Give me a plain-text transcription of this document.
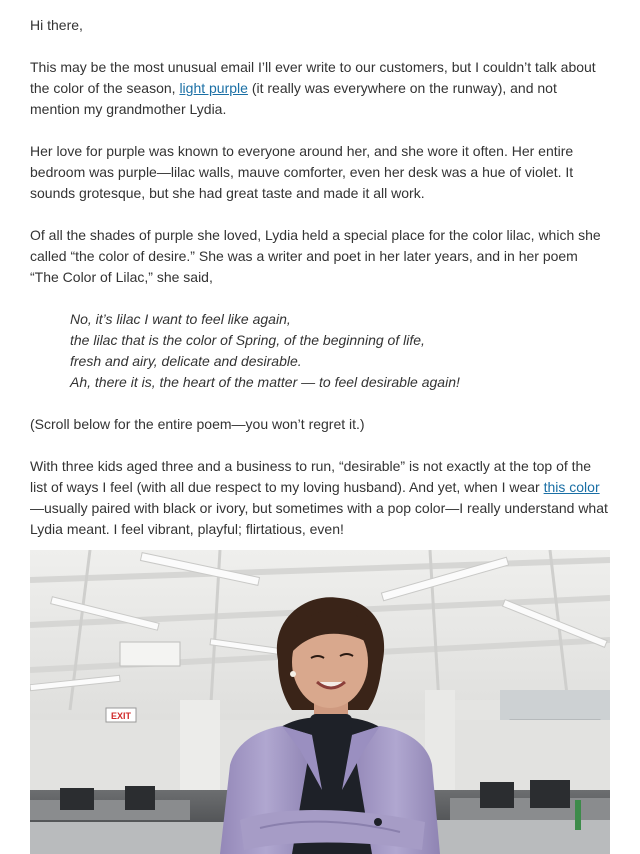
Hi there,

This may be the most unusual email I’ll ever write to our customers, but I couldn’t talk about the color of the season, light purple (it really was everywhere on the runway), and not mention my grandmother Lydia.

Her love for purple was known to everyone around her, and she wore it often. Her entire bedroom was purple—lilac walls, mauve comforter, even her desk was a hue of violet. It sounds grotesque, but she had great taste and made it all work.

Of all the shades of purple she loved, Lydia held a special place for the color lilac, which she called “the color of desire.” She was a writer and poet in her later years, and in her poem “The Color of Lilac,” she said,

No, it’s lilac I want to feel like again,
the lilac that is the color of Spring, of the beginning of life,
fresh and airy, delicate and desirable.
Ah, there it is, the heart of the matter — to feel desirable again!

(Scroll below for the entire poem—you won’t regret it.)

With three kids aged three and a business to run, “desirable” is not exactly at the top of the list of ways I feel (with all due respect to my loving husband). And yet, when I wear this color—usually paired with black or ivory, but sometimes with a pop color—I really understand what Lydia meant. I feel vibrant, playful; flirtatious, even!

EXIT
